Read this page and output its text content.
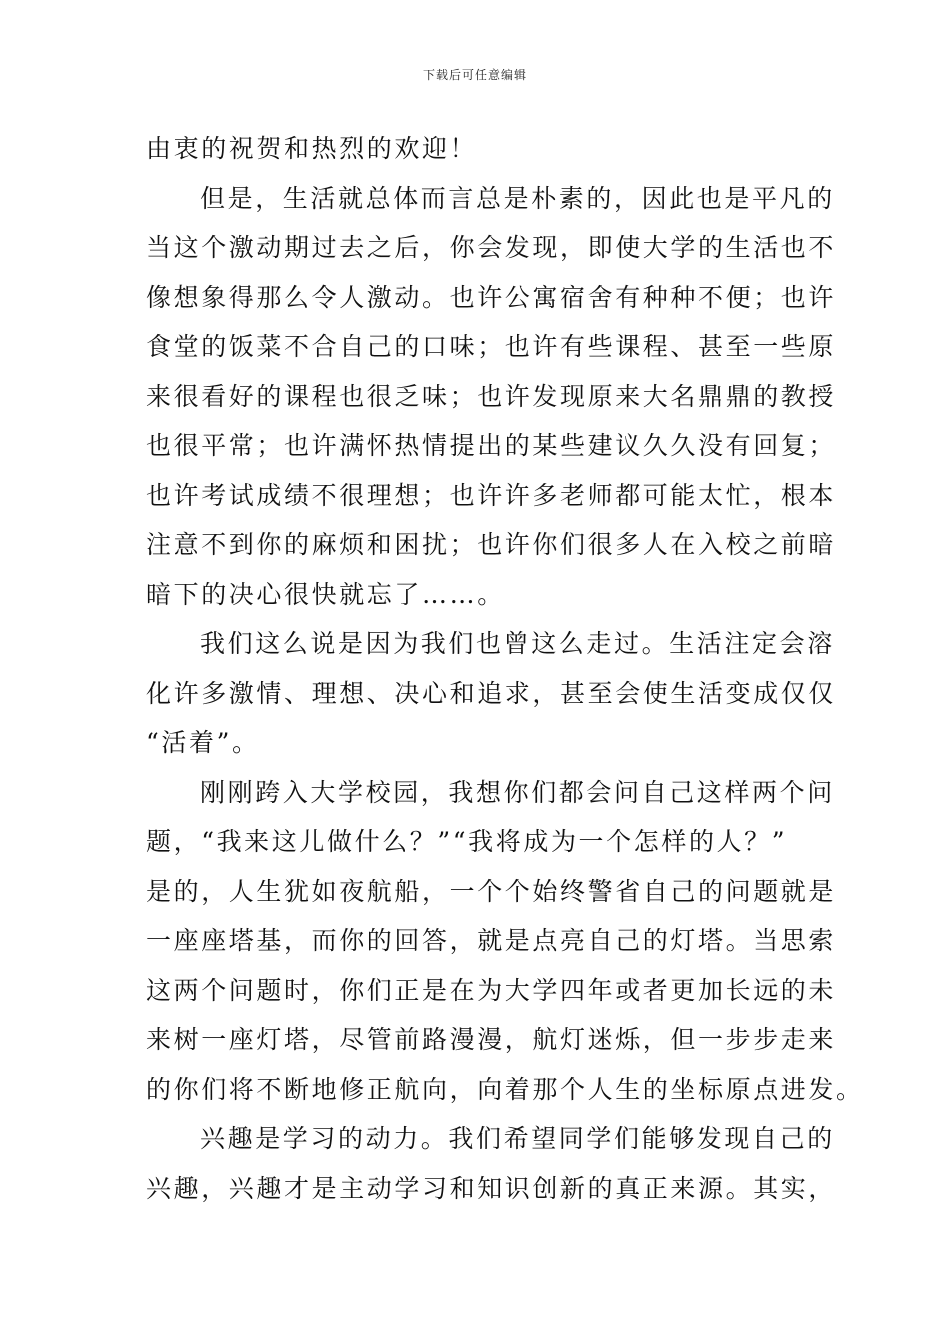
下载后可任意编辑
由衷的祝贺和热烈的欢迎！
但是，生活就总体而言总是朴素的，因此也是平凡的
当这个激动期过去之后，你会发现，即使大学的生活也不
像想象得那么令人激动。也许公寓宿舍有种种不便；也许
食堂的饭菜不合自己的口味；也许有些课程、甚至一些原
来很看好的课程也很乏味；也许发现原来大名鼎鼎的教授
也很平常；也许满怀热情提出的某些建议久久没有回复；
也许考试成绩不很理想；也许许多老师都可能太忙，根本
注意不到你的麻烦和困扰；也许你们很多人在入校之前暗
暗下的决心很快就忘了……。
我们这么说是因为我们也曾这么走过。生活注定会溶
化许多激情、理想、决心和追求，甚至会使生活变成仅仅
“活着”。
刚刚跨入大学校园，我想你们都会问自己这样两个问
题，“我来这儿做什么？”“我将成为一个怎样的人？”
是的，人生犹如夜航船，一个个始终警省自己的问题就是
一座座塔基，而你的回答，就是点亮自己的灯塔。当思索
这两个问题时，你们正是在为大学四年或者更加长远的未
来树一座灯塔，尽管前路漫漫，航灯迷烁，但一步步走来
的你们将不断地修正航向，向着那个人生的坐标原点进发。
兴趣是学习的动力。我们希望同学们能够发现自己的
兴趣，兴趣才是主动学习和知识创新的真正来源。其实，
